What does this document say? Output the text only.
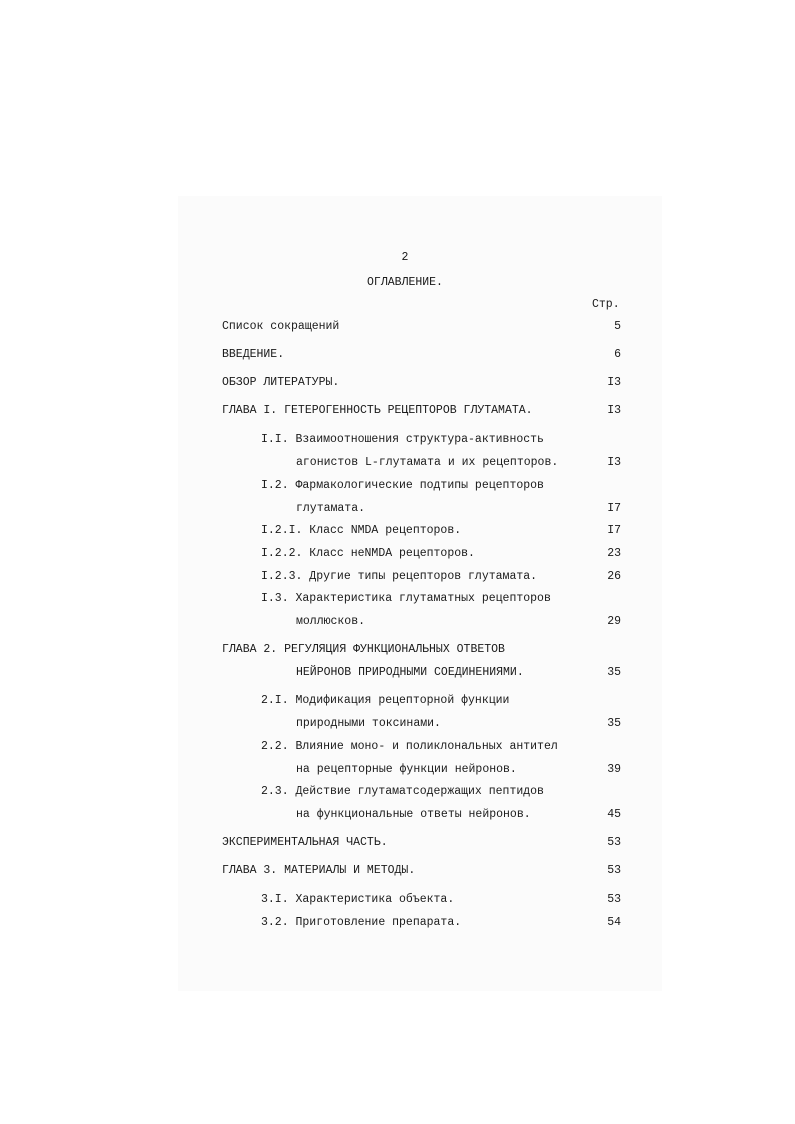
2
ОГЛАВЛЕНИЕ.
Стр.
Список сокращений	5
ВВЕДЕНИЕ.	6
ОБЗОР ЛИТЕРАТУРЫ.	I3
ГЛАВА I. ГЕТЕРОГЕННОСТЬ РЕЦЕПТОРОВ ГЛУТАМАТА.	I3
I.I. Взаимоотношения структура-активность
агонистов L-глутамата и их рецепторов.	I3
I.2. Фармакологические подтипы рецепторов
глутамата.	I7
I.2.I. Класс NMDA рецепторов.	I7
I.2.2. Класс неNMDA рецепторов.	23
I.2.3. Другие типы рецепторов глутамата.	26
I.3. Характеристика глутаматных рецепторов
моллюсков.	29
ГЛАВА 2. РЕГУЛЯЦИЯ ФУНКЦИОНАЛЬНЫХ ОТВЕТОВ
НЕЙРОНОВ ПРИРОДНЫМИ СОЕДИНЕНИЯМИ.	35
2.I. Модификация рецепторной функции
природными токсинами.	35
2.2. Влияние моно- и поликлональных антител
на рецепторные функции нейронов.	39
2.3. Действие глутаматсодержащих пептидов
на функциональные ответы нейронов.	45
ЭКСПЕРИМЕНТАЛЬНАЯ ЧАСТЬ.	53
ГЛАВА 3. МАТЕРИАЛЫ И МЕТОДЫ.	53
3.I. Характеристика объекта.	53
3.2. Приготовление препарата.	54
